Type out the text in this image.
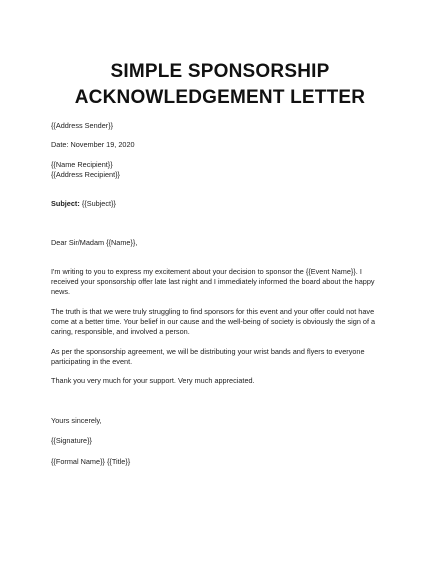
SIMPLE SPONSORSHIP
ACKNOWLEDGEMENT LETTER
{{Address Sender}}
Date: November 19, 2020
{{Name Recipient}}
{{Address Recipient}}
Subject: {{Subject}}
Dear Sir/Madam {{Name}},
I'm writing to you to express my excitement about your decision to sponsor the {{Event Name}}. I
received your sponsorship offer late last night and I immediately informed the board about the happy
news.
The truth is that we were truly struggling to find sponsors for this event and your offer could not have
come at a better time. Your belief in our cause and the well-being of society is obviously the sign of a
caring, responsible, and involved a person.
As per the sponsorship agreement, we will be distributing your wrist bands and flyers to everyone
participating in the event.
Thank you very much for your support. Very much appreciated.
Yours sincerely,
{{Signature}}
{{Formal Name}} {{Title}}
